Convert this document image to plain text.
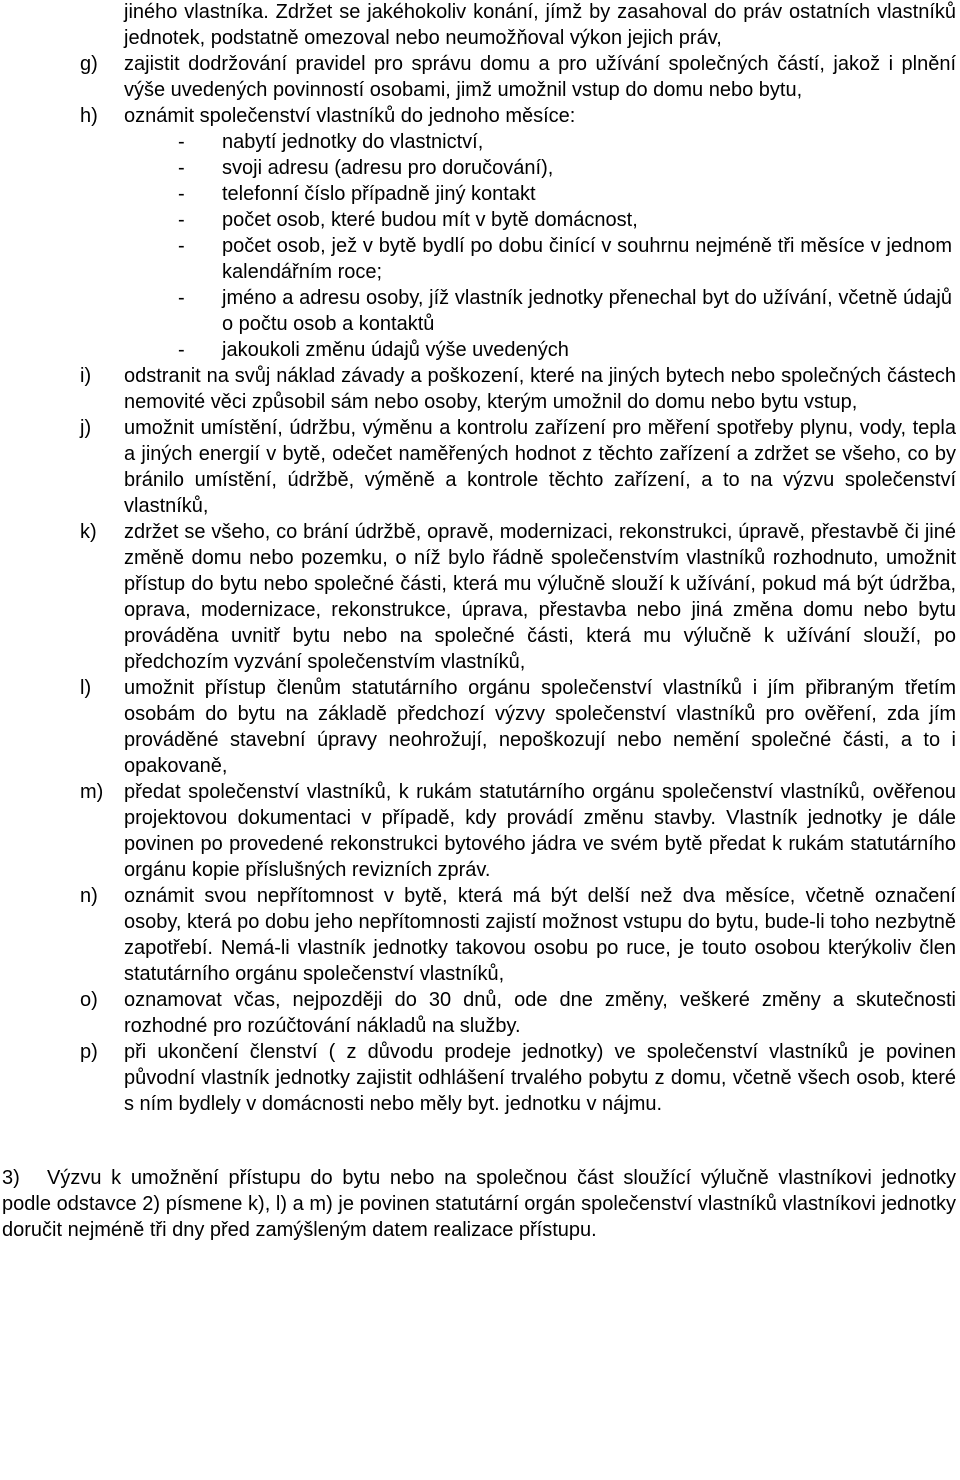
jiného vlastníka. Zdržet se jakéhokoliv konání, jímž by zasahoval do práv ostatních vlastníků jednotek, podstatně omezoval nebo neumožňoval výkon jejich práv,
g) zajistit dodržování pravidel pro správu domu a pro užívání společných částí, jakož i plnění výše uvedených povinností osobami, jimž umožnil vstup do domu nebo bytu,
h) oznámit společenství vlastníků do jednoho měsíce:
- nabytí jednotky do vlastnictví,
- svoji adresu (adresu pro doručování),
- telefonní číslo případně jiný kontakt
- počet osob, které budou mít v bytě domácnost,
- počet osob, jež v bytě bydlí po dobu činící v souhrnu nejméně tři měsíce v jednom kalendářním roce;
- jméno a adresu osoby, jíž vlastník jednotky přenechal byt do užívání, včetně údajů o počtu osob a kontaktů
- jakoukoli změnu údajů výše uvedených
i) odstranit na svůj náklad závady a poškození, které na jiných bytech nebo společných částech nemovité věci způsobil sám nebo osoby, kterým umožnil do domu nebo bytu vstup,
j) umožnit umístění, údržbu, výměnu a kontrolu zařízení pro měření spotřeby plynu, vody, tepla a jiných energií v bytě, odečet naměřených hodnot z těchto zařízení a zdržet se všeho, co by bránilo umístění, údržbě, výměně a kontrole těchto zařízení, a to na výzvu společenství vlastníků,
k) zdržet se všeho, co brání údržbě, opravě, modernizaci, rekonstrukci, úpravě, přestavbě či jiné změně domu nebo pozemku, o níž bylo řádně společenstvím vlastníků rozhodnuto, umožnit přístup do bytu nebo společné části, která mu výlučně slouží k užívání, pokud má být údržba, oprava, modernizace, rekonstrukce, úprava, přestavba nebo jiná změna domu nebo bytu prováděna uvnitř bytu nebo na společné části, která mu výlučně k užívání slouží, po předchozím vyzvání společenstvím vlastníků,
l) umožnit přístup členům statutárního orgánu společenství vlastníků i jím přibraným třetím osobám do bytu na základě předchozí výzvy společenství vlastníků pro ověření, zda jím prováděné stavební úpravy neohrožují, nepoškozují nebo nemění společné části, a to i opakovaně,
m) předat společenství vlastníků, k rukám statutárního orgánu společenství vlastníků, ověřenou projektovou dokumentaci v případě, kdy provádí změnu stavby. Vlastník jednotky je dále povinen po provedené rekonstrukci bytového jádra ve svém bytě předat k rukám statutárního orgánu kopie příslušných revizních zpráv.
n) oznámit svou nepřítomnost v bytě, která má být delší než dva měsíce, včetně označení osoby, která po dobu jeho nepřítomnosti zajistí možnost vstupu do bytu, bude-li toho nezbytně zapotřebí. Nemá-li vlastník jednotky takovou osobu po ruce, je touto osobou kterýkoliv člen statutárního orgánu společenství vlastníků,
o) oznamovat včas, nejpozději do 30 dnů, ode dne změny, veškeré změny a skutečnosti rozhodné pro rozúčtování nákladů na služby.
p) při ukončení členství ( z důvodu prodeje jednotky) ve společenství vlastníků je povinen původní vlastník jednotky zajistit odhlášení trvalého pobytu z domu, včetně všech osob, které s ním bydlely v domácnosti nebo měly byt. jednotku v nájmu.
3)	Výzvu k umožnění přístupu do bytu nebo na společnou část sloužící výlučně vlastníkovi jednotky podle odstavce 2) písmene k), l) a m) je povinen statutární orgán společenství vlastníků vlastníkovi jednotky doručit nejméně tři dny před zamýšleným datem realizace přístupu.
